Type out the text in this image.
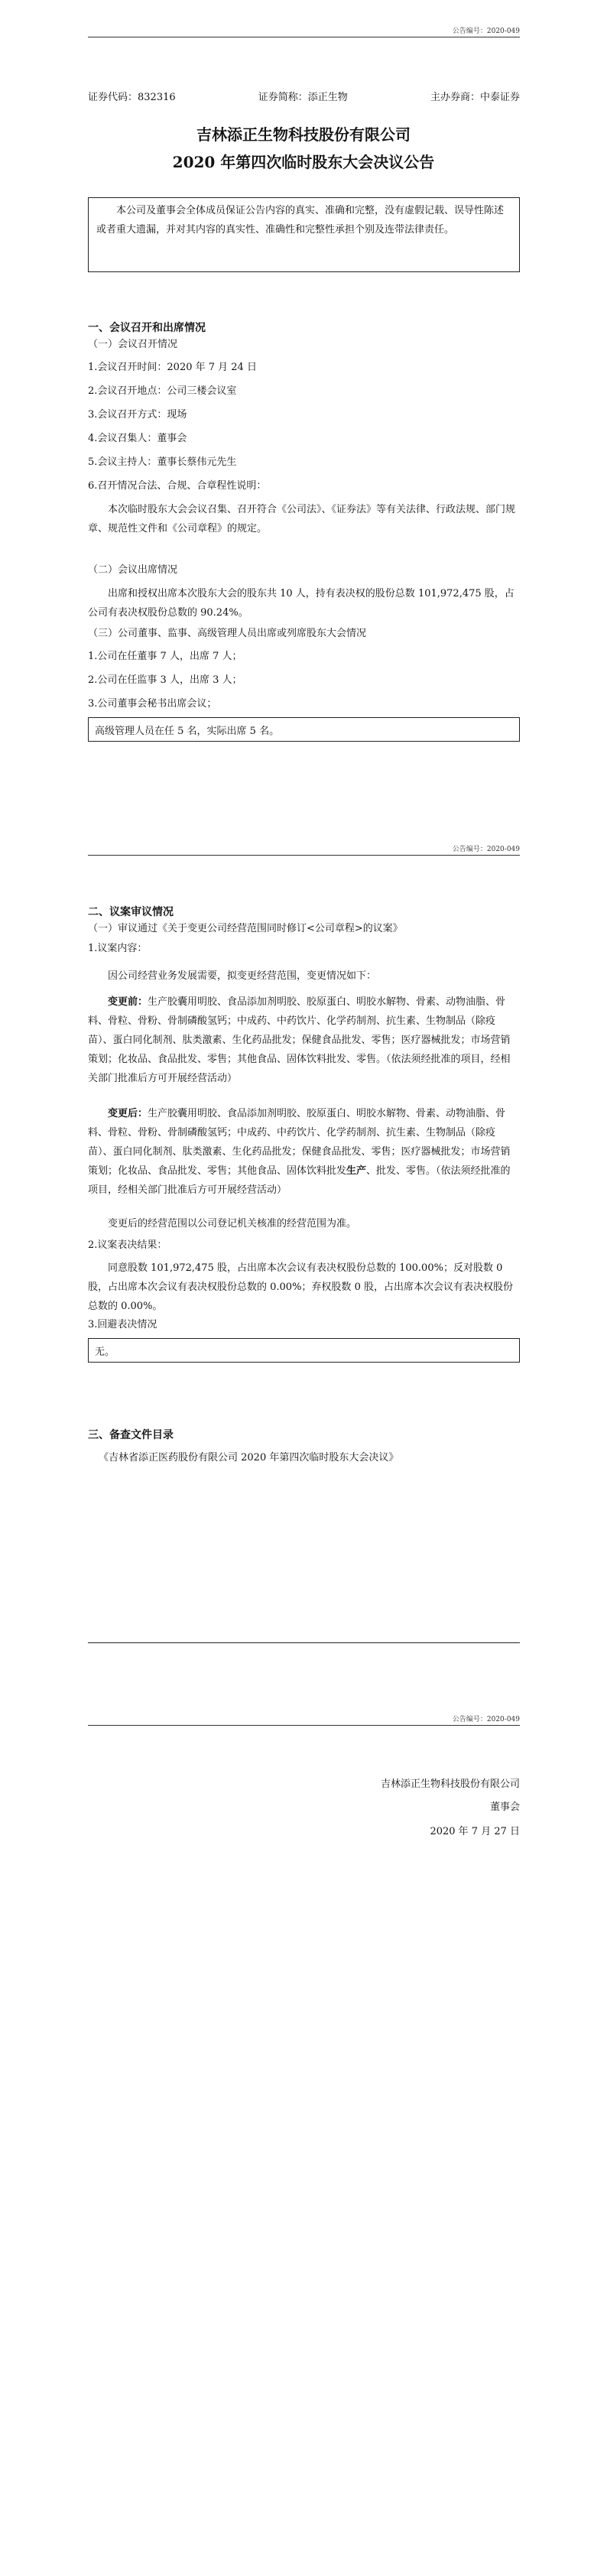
公告编号：2020-049
证券代码：832316	证券简称：添正生物	主办券商：中泰证券
吉林添正生物科技股份有限公司
2020 年第四次临时股东大会决议公告
本公司及董事会全体成员保证公告内容的真实、准确和完整，没有虚假记载、误导性陈述或者重大遗漏，并对其内容的真实性、准确性和完整性承担个别及连带法律责任。
一、会议召开和出席情况
（一）会议召开情况
1.会议召开时间：2020 年 7 月 24 日
2.会议召开地点：公司三楼会议室
3.会议召开方式：现场
4.会议召集人：董事会
5.会议主持人：董事长蔡伟元先生
6.召开情况合法、合规、合章程性说明：
本次临时股东大会会议召集、召开符合《公司法》、《证券法》等有关法律、行政法规、部门规章、规范性文件和《公司章程》的规定。
（二）会议出席情况
出席和授权出席本次股东大会的股东共 10 人，持有表决权的股份总数 101,972,475 股，占公司有表决权股份总数的 90.24%。
（三）公司董事、监事、高级管理人员出席或列席股东大会情况
1.公司在任董事 7 人，出席 7 人；
2.公司在任监事 3 人，出席 3 人；
3.公司董事会秘书出席会议；
高级管理人员在任 5 名，实际出席 5 名。
公告编号：2020-049
二、议案审议情况
（一）审议通过《关于变更公司经营范围同时修订<公司章程>的议案》
1.议案内容：
因公司经营业务发展需要，拟变更经营范围，变更情况如下：
变更前：生产胶囊用明胶、食品添加剂明胶、胶原蛋白、明胶水解物、骨素、动物油脂、骨料、骨粒、骨粉、骨制磷酸氢钙；中成药、中药饮片、化学药制剂、抗生素、生物制品（除疫苗）、蛋白同化制剂、肽类激素、生化药品批发；保健食品批发、零售；医疗器械批发；市场营销策划；化妆品、食品批发、零售；其他食品、固体饮料批发、零售。（依法须经批准的项目，经相关部门批准后方可开展经营活动）
变更后：生产胶囊用明胶、食品添加剂明胶、胶原蛋白、明胶水解物、骨素、动物油脂、骨料、骨粒、骨粉、骨制磷酸氢钙；中成药、中药饮片、化学药制剂、抗生素、生物制品（除疫苗）、蛋白同化制剂、肽类激素、生化药品批发；保健食品批发、零售；医疗器械批发；市场营销策划；化妆品、食品批发、零售；其他食品、固体饮料批发生产、批发、零售。（依法须经批准的项目，经相关部门批准后方可开展经营活动）
变更后的经营范围以公司登记机关核准的经营范围为准。
2.议案表决结果：
同意股数 101,972,475 股，占出席本次会议有表决权股份总数的 100.00%；反对股数 0 股，占出席本次会议有表决权股份总数的 0.00%；弃权股数 0 股，占出席本次会议有表决权股份总数的 0.00%。
3.回避表决情况
无。
三、备查文件目录
《吉林省添正医药股份有限公司 2020 年第四次临时股东大会决议》
公告编号：2020-049
吉林添正生物科技股份有限公司
董事会
2020 年 7 月 27 日
